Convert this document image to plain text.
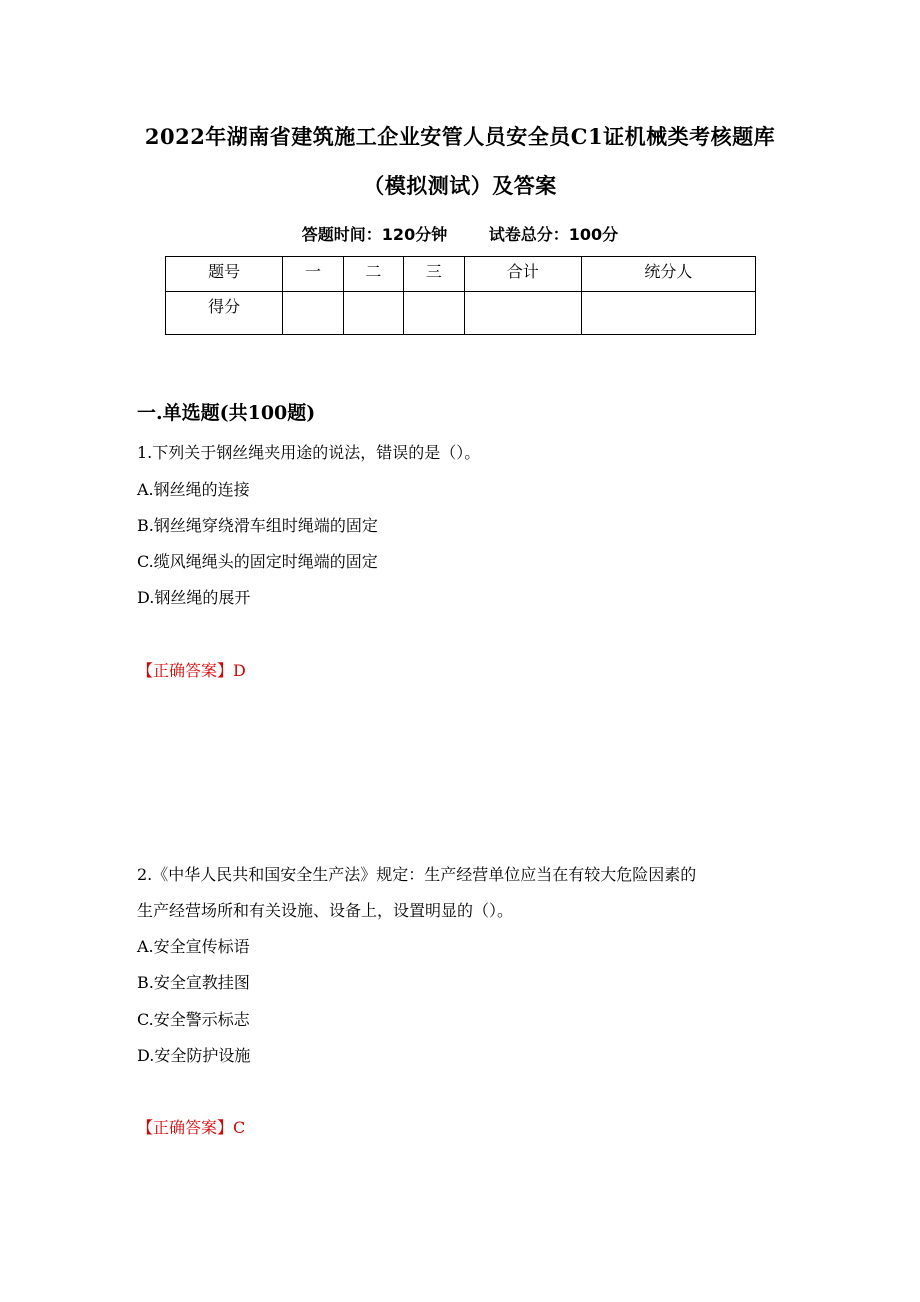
2022年湖南省建筑施工企业安管人员安全员C1证机械类考核题库
（模拟测试）及答案
答题时间：120分钟	试卷总分：100分
题号	一	二	三	合计	统分人
得分					
一.单选题(共100题)
1.下列关于钢丝绳夹用途的说法，错误的是（）。
A.钢丝绳的连接
B.钢丝绳穿绕滑车组时绳端的固定
C.缆风绳绳头的固定时绳端的固定
D.钢丝绳的展开
【正确答案】D
2.《中华人民共和国安全生产法》规定：生产经营单位应当在有较大危险因素的
生产经营场所和有关设施、设备上，设置明显的（）。
A.安全宣传标语
B.安全宣教挂图
C.安全警示标志
D.安全防护设施
【正确答案】C
